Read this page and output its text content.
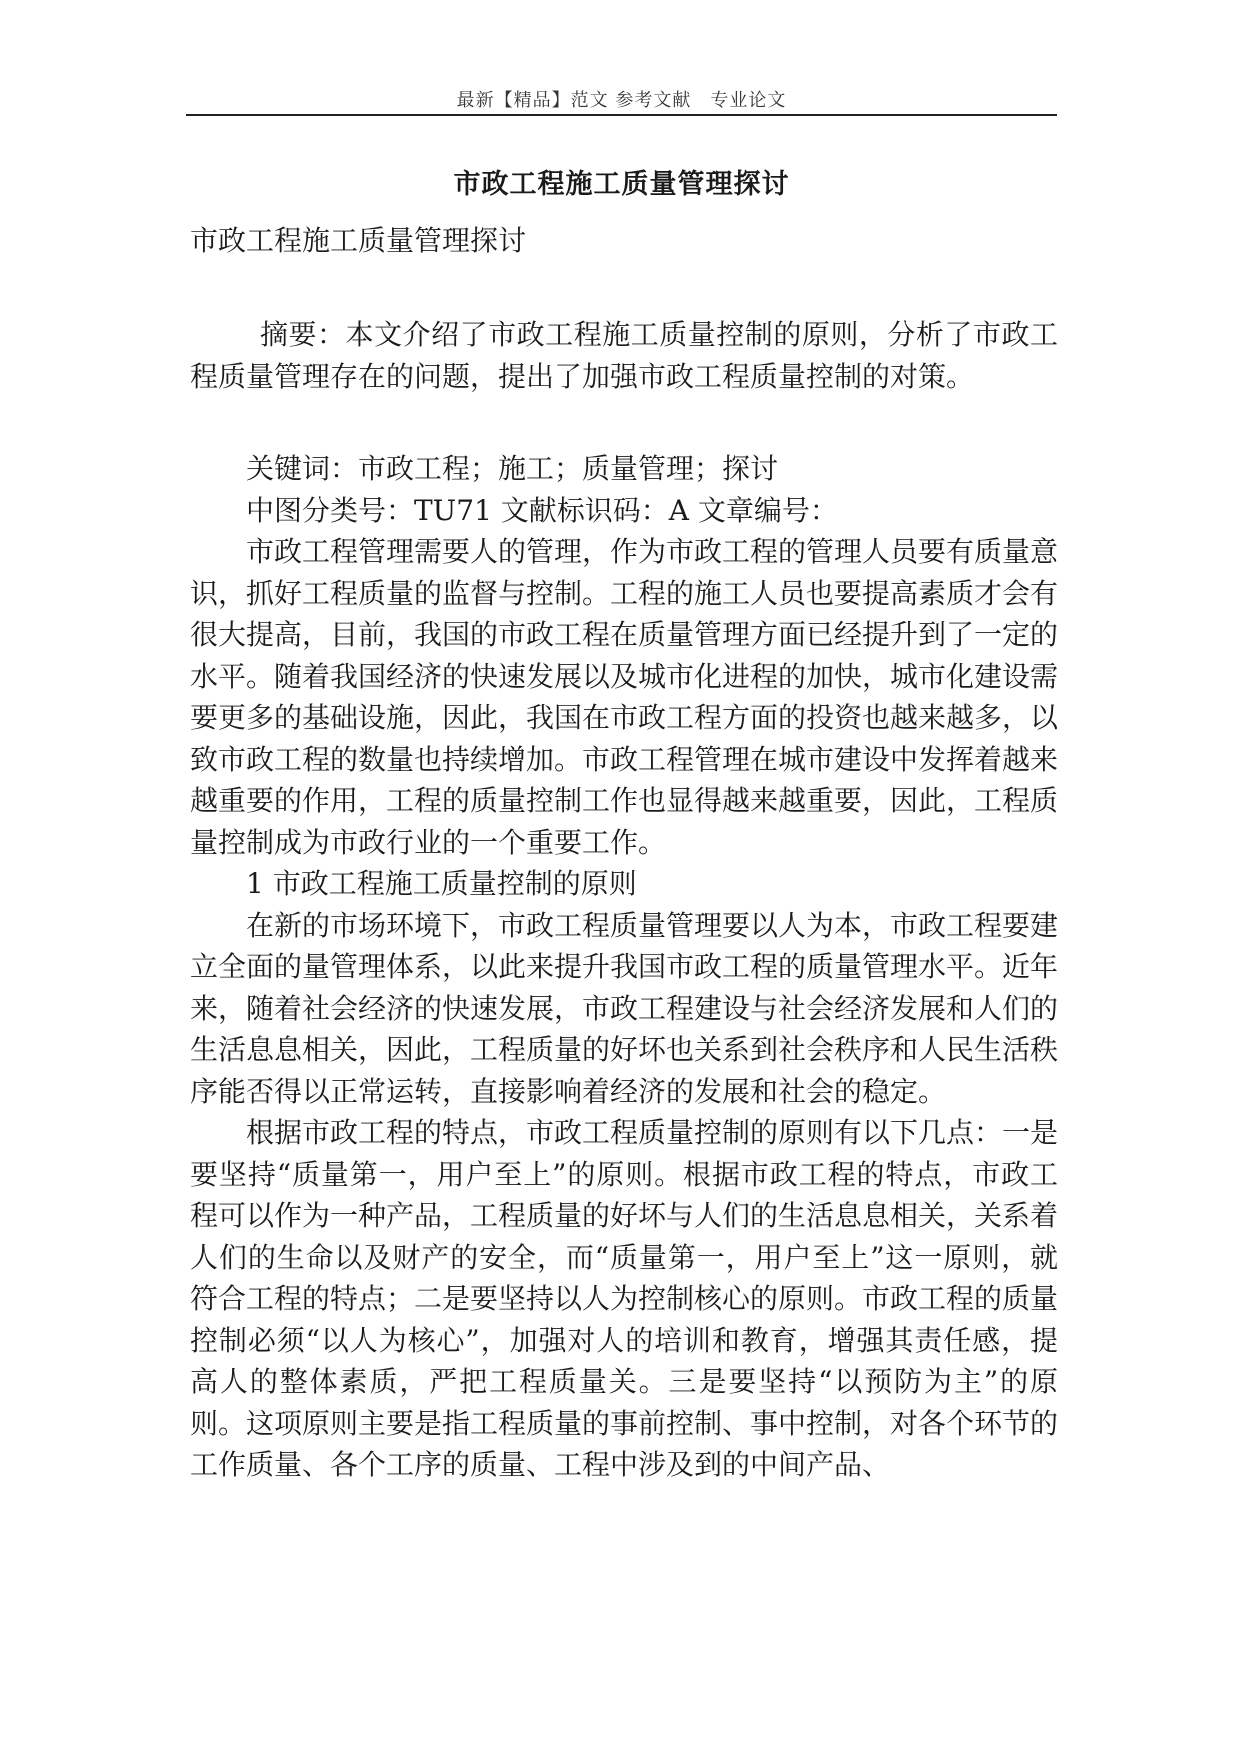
最新【精品】范文 参考文献　专业论文
市政工程施工质量管理探讨
市政工程施工质量管理探讨
摘要：本文介绍了市政工程施工质量控制的原则，分析了市政工程质量管理存在的问题，提出了加强市政工程质量控制的对策。
关键词：市政工程；施工；质量管理；探讨
中图分类号：TU71 文献标识码：A 文章编号：

市政工程管理需要人的管理，作为市政工程的管理人员要有质量意识，抓好工程质量的监督与控制。工程的施工人员也要提高素质才会有很大提高，目前，我国的市政工程在质量管理方面已经提升到了一定的水平。随着我国经济的快速发展以及城市化进程的加快，城市化建设需要更多的基础设施，因此，我国在市政工程方面的投资也越来越多，以致市政工程的数量也持续增加。市政工程管理在城市建设中发挥着越来越重要的作用，工程的质量控制工作也显得越来越重要，因此，工程质量控制成为市政行业的一个重要工作。

1 市政工程施工质量控制的原则

在新的市场环境下，市政工程质量管理要以人为本，市政工程要建立全面的量管理体系，以此来提升我国市政工程的质量管理水平。近年来，随着社会经济的快速发展，市政工程建设与社会经济发展和人们的生活息息相关，因此，工程质量的好坏也关系到社会秩序和人民生活秩序能否得以正常运转，直接影响着经济的发展和社会的稳定。

根据市政工程的特点，市政工程质量控制的原则有以下几点：一是要坚持“质量第一，用户至上”的原则。根据市政工程的特点，市政工程可以作为一种产品，工程质量的好坏与人们的生活息息相关，关系着人们的生命以及财产的安全，而“质量第一，用户至上”这一原则，就符合工程的特点；二是要坚持以人为控制核心的原则。市政工程的质量控制必须“以人为核心”，加强对人的培训和教育，增强其责任感，提高人的整体素质，严把工程质量关。三是要坚持“以预防为主”的原则。这项原则主要是指工程质量的事前控制、事中控制，对各个环节的工作质量、各个工序的质量、工程中涉及到的中间产品、
